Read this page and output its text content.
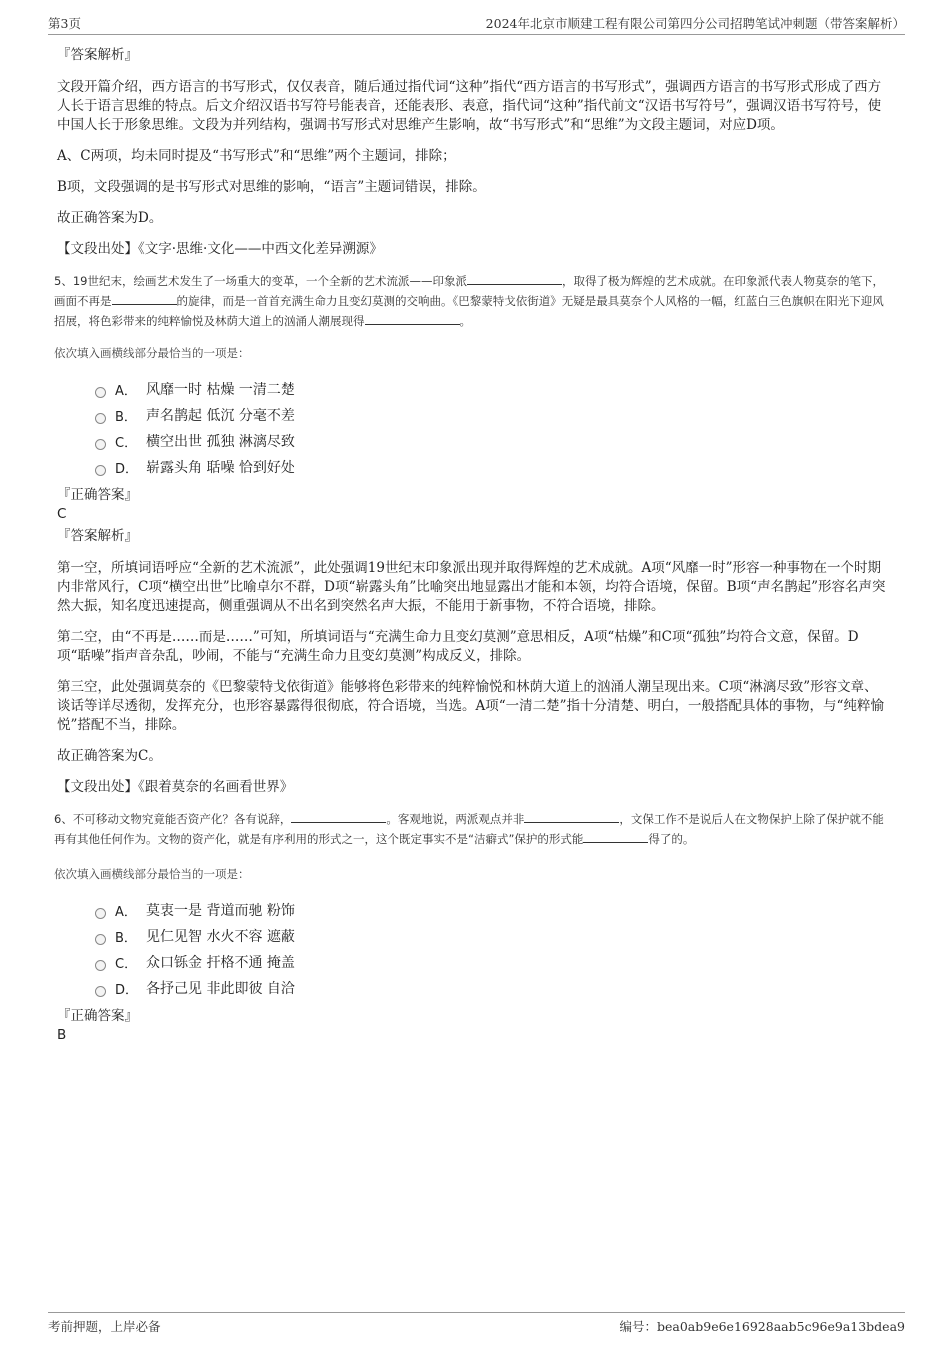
第3页	2024年北京市顺建工程有限公司第四分公司招聘笔试冲刺题（带答案解析）

『答案解析』

文段开篇介绍，西方语言的书写形式，仅仅表音，随后通过指代词“这种”指代“西方语言的书写形式”，强调西方语言的书写形式形成了西方人长于语言思维的特点。后文介绍汉语书写符号能表音，还能表形、表意，指代词“这种”指代前文“汉语书写符号”，强调汉语书写符号，使中国人长于形象思维。文段为并列结构，强调书写形式对思维产生影响，故“书写形式”和“思维”为文段主题词，对应D项。

A、C两项，均未同时提及“书写形式”和“思维”两个主题词，排除；

B项，文段强调的是书写形式对思维的影响，“语言”主题词错误，排除。

故正确答案为D。

【文段出处】《文字·思维·文化——中西文化差异溯源》

5、19世纪末，绘画艺术发生了一场重大的变革，一个全新的艺术流派——印象派	，取得了极为辉煌的艺术成就。在印象派代表人物莫奈的笔下，画面不再是	的旋律，而是一首首充满生命力且变幻莫测的交响曲。《巴黎蒙特戈依街道》无疑是最具莫奈个人风格的一幅，红蓝白三色旗帜在阳光下迎风招展，将色彩带来的纯粹愉悦及林荫大道上的汹涌人潮展现得	。

依次填入画横线部分最恰当的一项是：

A． 风靡一时 枯燥 一清二楚
B． 声名鹊起 低沉 分毫不差
C． 横空出世 孤独 淋漓尽致
D． 崭露头角 聒噪 恰到好处

『正确答案』

C

『答案解析』

第一空，所填词语呼应“全新的艺术流派”，此处强调19世纪末印象派出现并取得辉煌的艺术成就。A项“风靡一时”形容一种事物在一个时期内非常风行，C项“横空出世”比喻卓尔不群，D项“崭露头角”比喻突出地显露出才能和本领，均符合语境，保留。B项“声名鹊起”形容名声突然大振，知名度迅速提高，侧重强调从不出名到突然名声大振，不能用于新事物，不符合语境，排除。

第二空，由“不再是……而是……”可知，所填词语与“充满生命力且变幻莫测”意思相反，A项“枯燥”和C项“孤独”均符合文意，保留。D项“聒噪”指声音杂乱，吵闹，不能与“充满生命力且变幻莫测”构成反义，排除。

第三空，此处强调莫奈的《巴黎蒙特戈依街道》能够将色彩带来的纯粹愉悦和林荫大道上的汹涌人潮呈现出来。C项“淋漓尽致”形容文章、谈话等详尽透彻，发挥充分，也形容暴露得很彻底，符合语境，当选。A项“一清二楚”指十分清楚、明白，一般搭配具体的事物，与“纯粹愉悦”搭配不当，排除。

故正确答案为C。

【文段出处】《跟着莫奈的名画看世界》

6、不可移动文物究竟能否资产化？各有说辞，	。客观地说，两派观点并非	，文保工作不是说后人在文物保护上除了保护就不能再有其他任何作为。文物的资产化，就是有序利用的形式之一，这个既定事实不是“洁癖式”保护的形式能	得了的。

依次填入画横线部分最恰当的一项是：

A． 莫衷一是 背道而驰 粉饰
B． 见仁见智 水火不容 遮蔽
C． 众口铄金 扞格不通 掩盖
D． 各抒己见 非此即彼 自洽

『正确答案』

B

考前押题，上岸必备	编号：bea0ab9e6e16928aab5c96e9a13bdea9
